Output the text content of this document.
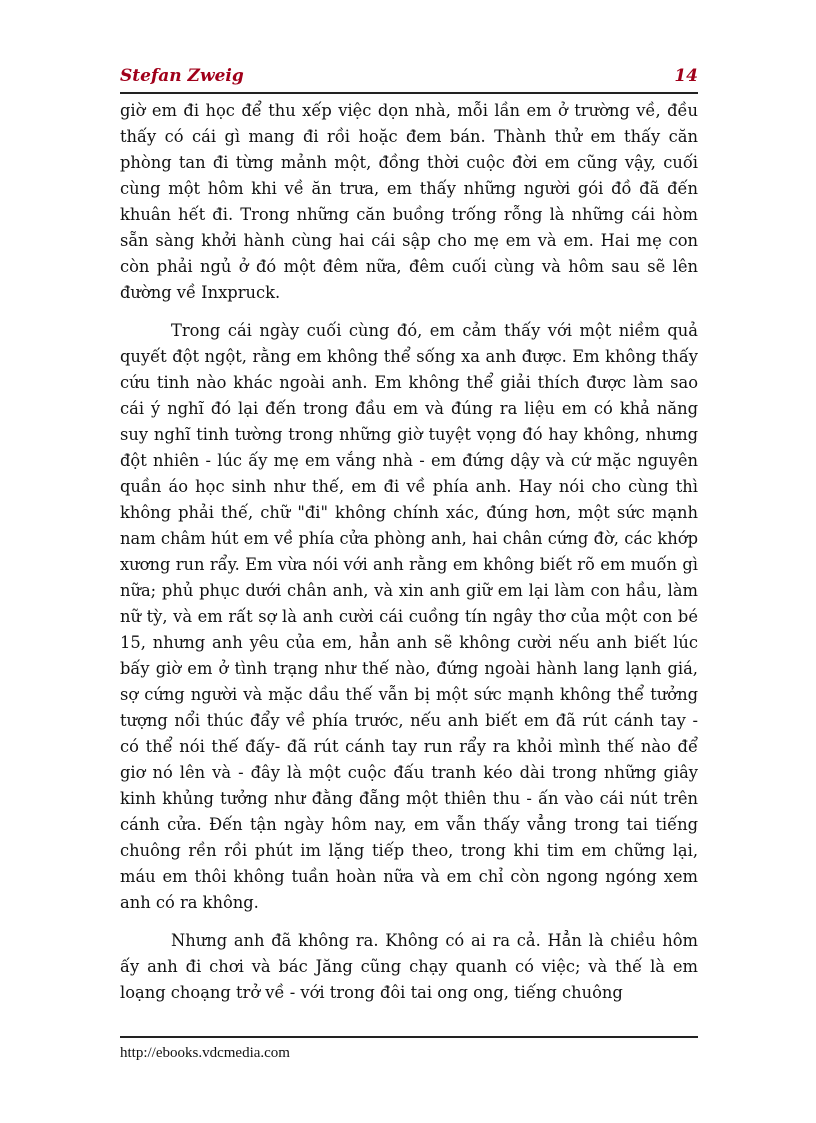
Stefan Zweig	14

giờ em đi học để thu xếp việc dọn nhà, mỗi lần em ở trường về, đều thấy có cái gì mang đi rồi hoặc đem bán. Thành thử em thấy căn phòng tan đi từng mảnh một, đồng thời cuộc đời em cũng vậy, cuối cùng một hôm khi về ăn trưa, em thấy những người gói đồ đã đến khuân hết đi. Trong những căn buồng trống rỗng là những cái hòm sẵn sàng khởi hành cùng hai cái sập cho mẹ em và em. Hai mẹ con còn phải ngủ ở đó một đêm nữa, đêm cuối cùng và hôm sau sẽ lên đường về Inxpruck.

Trong cái ngày cuối cùng đó, em cảm thấy với một niềm quả quyết đột ngột, rằng em không thể sống xa anh được. Em không thấy cứu tinh nào khác ngoài anh. Em không thể giải thích được làm sao cái ý nghĩ đó lại đến trong đầu em và đúng ra liệu em có khả năng suy nghĩ tinh tường trong những giờ tuyệt vọng đó hay không, nhưng đột nhiên - lúc ấy mẹ em vắng nhà - em đứng dậy và cứ mặc nguyên quần áo học sinh như thế, em đi về phía anh. Hay nói cho cùng thì không phải thế, chữ "đi" không chính xác, đúng hơn, một sức mạnh nam châm hút em về phía cửa phòng anh, hai chân cứng đờ, các khớp xương run rẩy. Em vừa nói với anh rằng em không biết rõ em muốn gì nữa; phủ phục dưới chân anh, và xin anh giữ em lại làm con hầu, làm nữ tỳ, và em rất sợ là anh cười cái cuồng tín ngây thơ của một con bé 15, nhưng anh yêu của em, hẳn anh sẽ không cười nếu anh biết lúc bấy giờ em ở tình trạng như thế nào, đứng ngoài hành lang lạnh giá, sợ cứng người và mặc dầu thế vẫn bị một sức mạnh không thể tưởng tượng nổi thúc đẩy về phía trước, nếu anh biết em đã rút cánh tay - có thể nói thế đấy- đã rút cánh tay run rẩy ra khỏi mình thế nào để giơ nó lên và - đây là một cuộc đấu tranh kéo dài trong những giây kinh khủng tưởng như đằng đẵng một thiên thu - ấn vào cái nút trên cánh cửa. Đến tận ngày hôm nay, em vẫn thấy vẳng trong tai tiếng chuông rền rồi phút im lặng tiếp theo, trong khi tim em chững lại, máu em thôi không tuần hoàn nữa và em chỉ còn ngong ngóng xem anh có ra không.

Nhưng anh đã không ra. Không có ai ra cả. Hẳn là chiều hôm ấy anh đi chơi và bác Jăng cũng chạy quanh có việc; và thế là em loạng choạng trở về - với trong đôi tai ong ong, tiếng chuông

http://ebooks.vdcmedia.com
